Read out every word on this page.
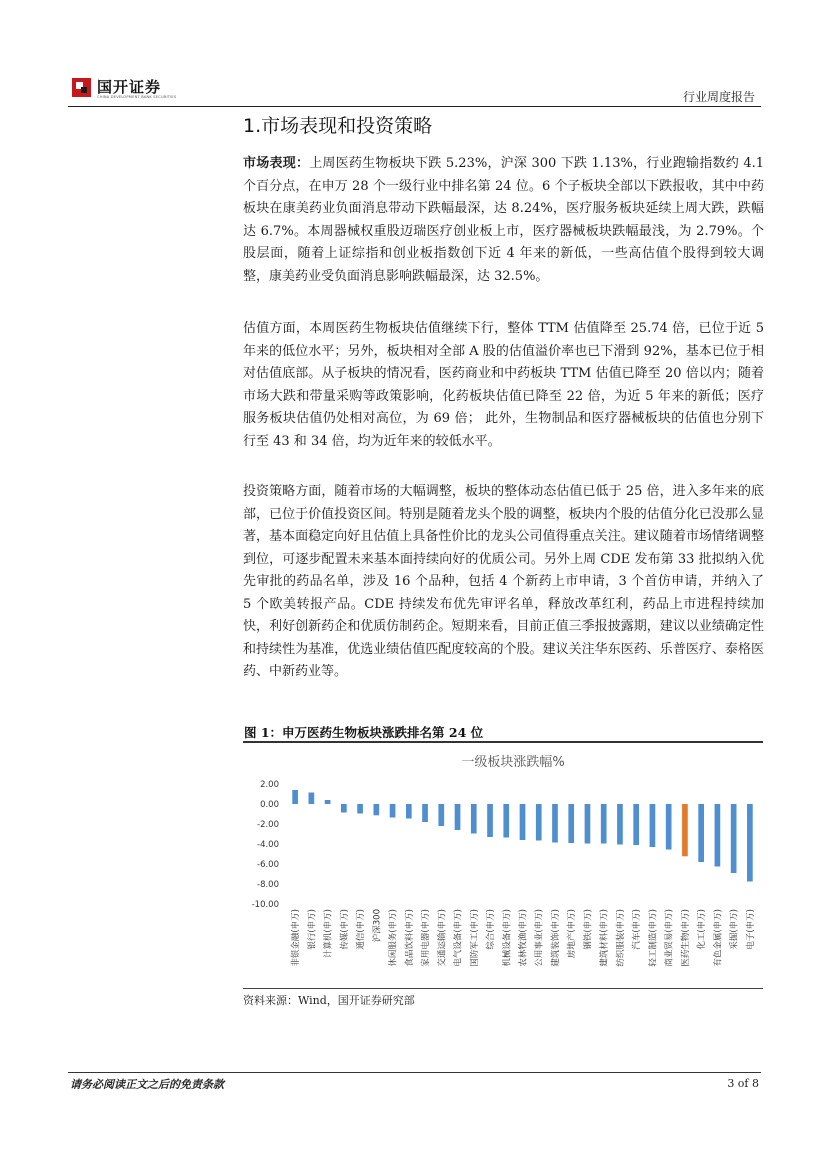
国开证券
CHINA DEVELOPMENT BANK SECURITIES	行业周度报告
1.市场表现和投资策略
市场表现：上周医药生物板块下跌 5.23%，沪深 300 下跌 1.13%，行业跑输指数约 4.1 个百分点，在申万 28 个一级行业中排名第 24 位。6 个子板块全部以下跌报收，其中中药板块在康美药业负面消息带动下跌幅最深，达 8.24%，医疗服务板块延续上周大跌，跌幅达 6.7%。本周器械权重股迈瑞医疗创业板上市，医疗器械板块跌幅最浅，为 2.79%。个股层面，随着上证综指和创业板指数创下近 4 年来的新低，一些高估值个股得到较大调整，康美药业受负面消息影响跌幅最深，达 32.5%。
估值方面，本周医药生物板块估值继续下行，整体 TTM 估值降至 25.74 倍，已位于近 5 年来的低位水平；另外，板块相对全部 A 股的估值溢价率也已下滑到 92%，基本已位于相对估值底部。从子板块的情况看，医药商业和中药板块 TTM 估值已降至 20 倍以内；随着市场大跌和带量采购等政策影响，化药板块估值已降至 22 倍，为近 5 年来的新低；医疗服务板块估值仍处相对高位，为 69 倍； 此外，生物制品和医疗器械板块的估值也分别下行至 43 和 34 倍，均为近年来的较低水平。
投资策略方面，随着市场的大幅调整，板块的整体动态估值已低于 25 倍，进入多年来的底部，已位于价值投资区间。特别是随着龙头个股的调整，板块内个股的估值分化已没那么显著，基本面稳定向好且估值上具备性价比的龙头公司值得重点关注。建议随着市场情绪调整到位，可逐步配置未来基本面持续向好的优质公司。另外上周 CDE 发布第 33 批拟纳入优先审批的药品名单，涉及 16 个品种，包括 4 个新药上市申请，3 个首仿申请，并纳入了 5 个欧美转报产品。CDE 持续发布优先审评名单，释放改革红利，药品上市进程持续加快，利好创新药企和优质仿制药企。短期来看，目前正值三季报披露期，建议以业绩确定性和持续性为基准，优选业绩估值匹配度较高的个股。建议关注华东医药、乐普医疗、泰格医药、中新药业等。
图 1：申万医药生物板块涨跌排名第 24 位
一级板块涨跌幅%
2.00
0.00
-2.00
-4.00
-6.00
-8.00
-10.00
非银金融(申万) 银行(申万) 计算机(申万) 传媒(申万) 通信(申万) 沪深300 休闲服务(申万) 食品饮料(申万) 家用电器(申万) 交通运输(申万) 电气设备(申万) 国防军工(申万) 综合(申万) 机械设备(申万) 农林牧渔(申万) 公用事业(申万) 建筑装饰(申万) 房地产(申万) 钢铁(申万) 建筑材料(申万) 纺织服装(申万) 汽车(申万) 轻工制造(申万) 商业贸易(申万) 医药生物(申万) 化工(申万) 有色金属(申万) 采掘(申万) 电子(申万)
资料来源：Wind，国开证券研究部
请务必阅读正文之后的免责条款	3 of 8
